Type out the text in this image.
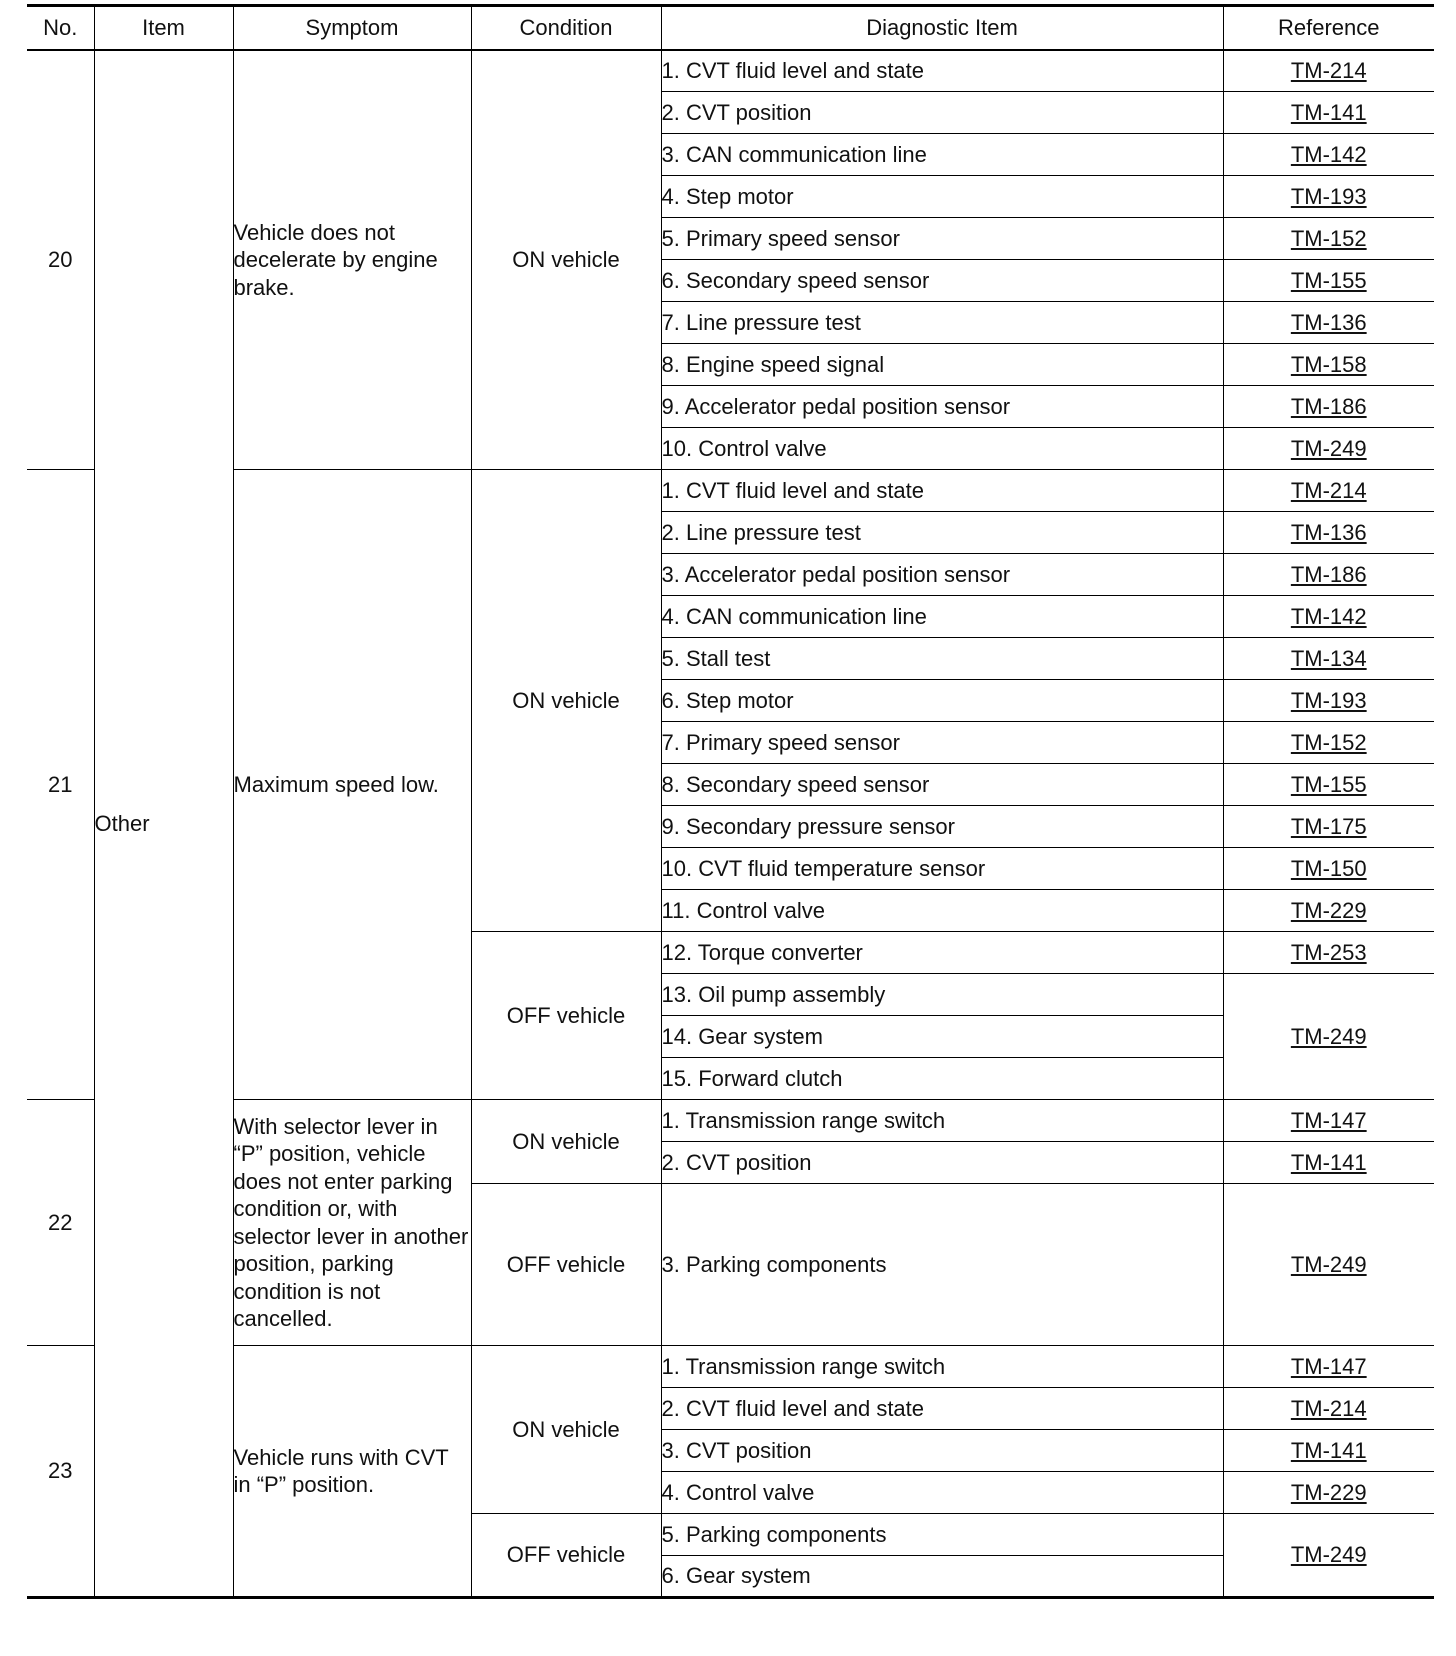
No.	Item	Symptom	Condition	Diagnostic Item	Reference
20	Other	Vehicle does not decelerate by engine brake.	ON vehicle	1. CVT fluid level and state	TM-214
				2. CVT position	TM-141
				3. CAN communication line	TM-142
				4. Step motor	TM-193
				5. Primary speed sensor	TM-152
				6. Secondary speed sensor	TM-155
				7. Line pressure test	TM-136
				8. Engine speed signal	TM-158
				9. Accelerator pedal position sensor	TM-186
				10. Control valve	TM-249
21		Maximum speed low.	ON vehicle	1. CVT fluid level and state	TM-214
				2. Line pressure test	TM-136
				3. Accelerator pedal position sensor	TM-186
				4. CAN communication line	TM-142
				5. Stall test	TM-134
				6. Step motor	TM-193
				7. Primary speed sensor	TM-152
				8. Secondary speed sensor	TM-155
				9. Secondary pressure sensor	TM-175
				10. CVT fluid temperature sensor	TM-150
				11. Control valve	TM-229
			OFF vehicle	12. Torque converter	TM-253
				13. Oil pump assembly	TM-249
				14. Gear system	
				15. Forward clutch	
22		With selector lever in “P” position, vehicle does not enter parking condition or, with selector lever in another position, parking condition is not cancelled.	ON vehicle	1. Transmission range switch	TM-147
				2. CVT position	TM-141
			OFF vehicle	3. Parking components	TM-249
23		Vehicle runs with CVT in “P” position.	ON vehicle	1. Transmission range switch	TM-147
				2. CVT fluid level and state	TM-214
				3. CVT position	TM-141
				4. Control valve	TM-229
			OFF vehicle	5. Parking components	TM-249
				6. Gear system	
